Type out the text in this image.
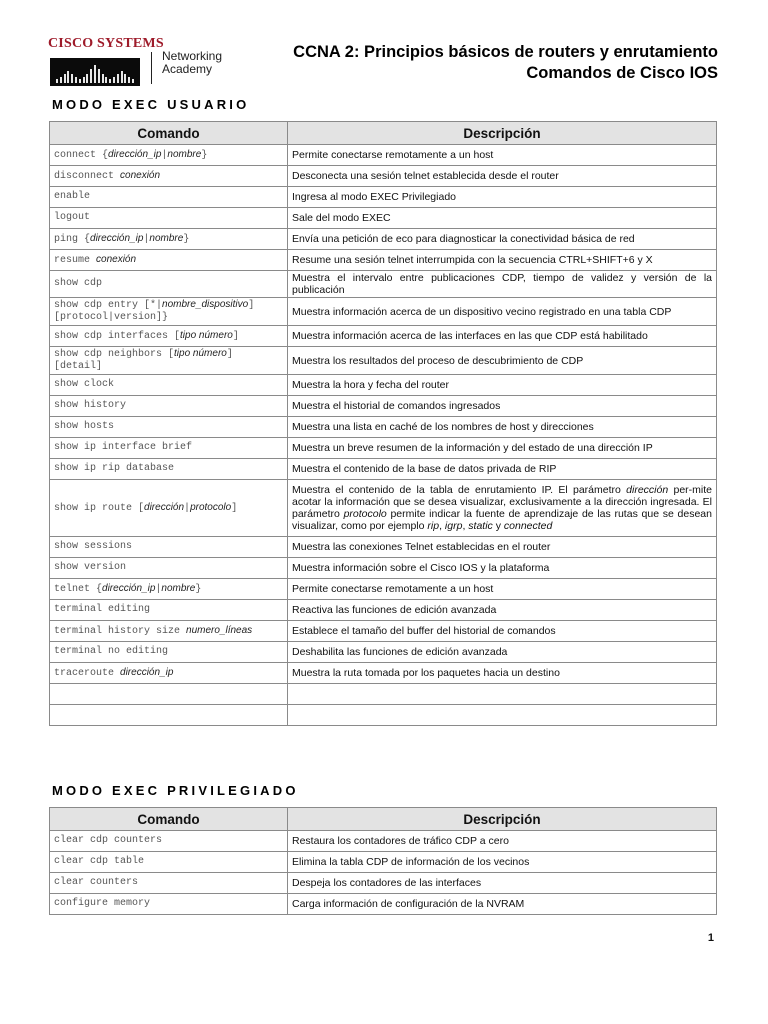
CISCO SYSTEMS
Networking
Academy
CCNA 2: Principios básicos de routers y enrutamiento
Comandos de Cisco IOS
MODO EXEC USUARIO
Comando	Descripción
connect {dirección_ip|nombre}	Permite conectarse remotamente a un host
disconnect conexión	Desconecta una sesión telnet establecida desde el router
enable	Ingresa al modo EXEC Privilegiado
logout	Sale del modo EXEC
ping {dirección_ip|nombre}	Envía una petición de eco para diagnosticar la conectividad básica de red
resume conexión	Resume una sesión telnet interrumpida con la secuencia CTRL+SHIFT+6 y X
show cdp	Muestra el intervalo entre publicaciones CDP, tiempo de validez y versión de la publicación
show cdp entry [*|nombre_dispositivo] [protocol|version]}	Muestra información acerca de un dispositivo vecino registrado en una tabla CDP
show cdp interfaces [tipo número]	Muestra información acerca de las interfaces en las que CDP está habilitado
show cdp neighbors [tipo número] [detail]	Muestra los resultados del proceso de descubrimiento de CDP
show clock	Muestra la hora y fecha del router
show history	Muestra el historial de comandos ingresados
show hosts	Muestra una lista en caché de los nombres de host y direcciones
show ip interface brief	Muestra un breve resumen de la información y del estado de una dirección IP
show ip rip database	Muestra el contenido de la base de datos privada de RIP
show ip route [dirección|protocolo]	Muestra el contenido de la tabla de enrutamiento IP. El parámetro dirección per-mite acotar la información que se desea visualizar, exclusivamente a la dirección ingresada. El parámetro protocolo permite indicar la fuente de aprendizaje de las rutas que se desean visualizar, como por ejemplo rip, igrp, static y connected
show sessions	Muestra las conexiones Telnet establecidas en el router
show version	Muestra información sobre el Cisco IOS y la plataforma
telnet {dirección_ip|nombre}	Permite conectarse remotamente a un host
terminal editing	Reactiva las funciones de edición avanzada
terminal history size numero_líneas	Establece el tamaño del buffer del historial de comandos
terminal no editing	Deshabilita las funciones de edición avanzada
traceroute dirección_ip	Muestra la ruta tomada por los paquetes hacia un destino

MODO EXEC PRIVILEGIADO
Comando	Descripción
clear cdp counters	Restaura los contadores de tráfico CDP a cero
clear cdp table	Elimina la tabla CDP de información de los vecinos
clear counters	Despeja los contadores de las interfaces
configure memory	Carga información de configuración de la NVRAM
1
